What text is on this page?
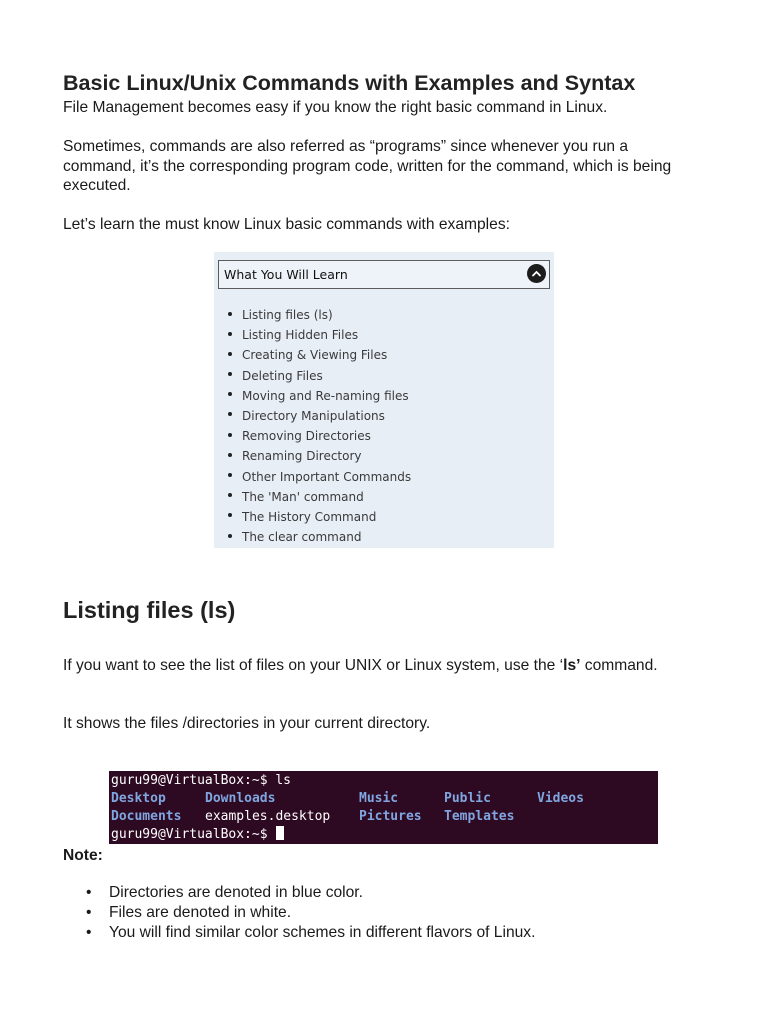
Basic Linux/Unix Commands with Examples and Syntax
File Management becomes easy if you know the right basic command in Linux.
Sometimes, commands are also referred as “programs” since whenever you run a command, it’s the corresponding program code, written for the command, which is being executed.
Let’s learn the must know Linux basic commands with examples:
What You Will Learn
Listing files (ls)
Listing Hidden Files
Creating & Viewing Files
Deleting Files
Moving and Re-naming files
Directory Manipulations
Removing Directories
Renaming Directory
Other Important Commands
The 'Man' command
The History Command
The clear command
Listing files (ls)
If you want to see the list of files on your UNIX or Linux system, use the ‘ls’ command.
It shows the files /directories in your current directory.
guru99@VirtualBox:~$ ls
Desktop	Downloads	Music	Public	Videos
Documents examples.desktop Pictures Templates
guru99@VirtualBox:~$
Note:
• Directories are denoted in blue color.
• Files are denoted in white.
• You will find similar color schemes in different flavors of Linux.
